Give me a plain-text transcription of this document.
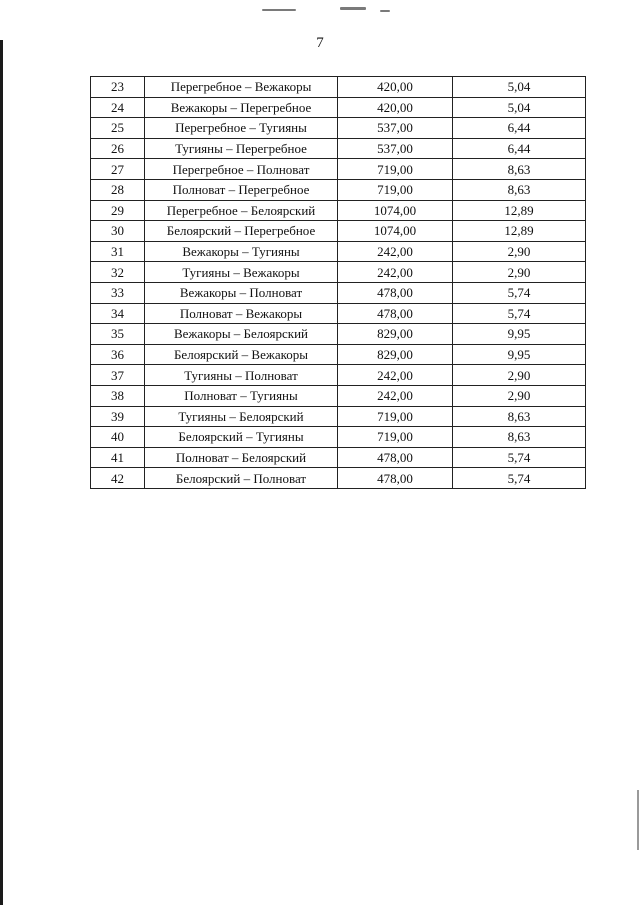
7
23	Перегребное – Вежакоры	420,00	5,04
24	Вежакоры – Перегребное	420,00	5,04
25	Перегребное – Тугияны	537,00	6,44
26	Тугияны – Перегребное	537,00	6,44
27	Перегребное – Полноват	719,00	8,63
28	Полноват – Перегребное	719,00	8,63
29	Перегребное – Белоярский	1074,00	12,89
30	Белоярский – Перегребное	1074,00	12,89
31	Вежакоры – Тугияны	242,00	2,90
32	Тугияны – Вежакоры	242,00	2,90
33	Вежакоры – Полноват	478,00	5,74
34	Полноват – Вежакоры	478,00	5,74
35	Вежакоры – Белоярский	829,00	9,95
36	Белоярский – Вежакоры	829,00	9,95
37	Тугияны – Полноват	242,00	2,90
38	Полноват – Тугияны	242,00	2,90
39	Тугияны – Белоярский	719,00	8,63
40	Белоярский – Тугияны	719,00	8,63
41	Полноват – Белоярский	478,00	5,74
42	Белоярский – Полноват	478,00	5,74
